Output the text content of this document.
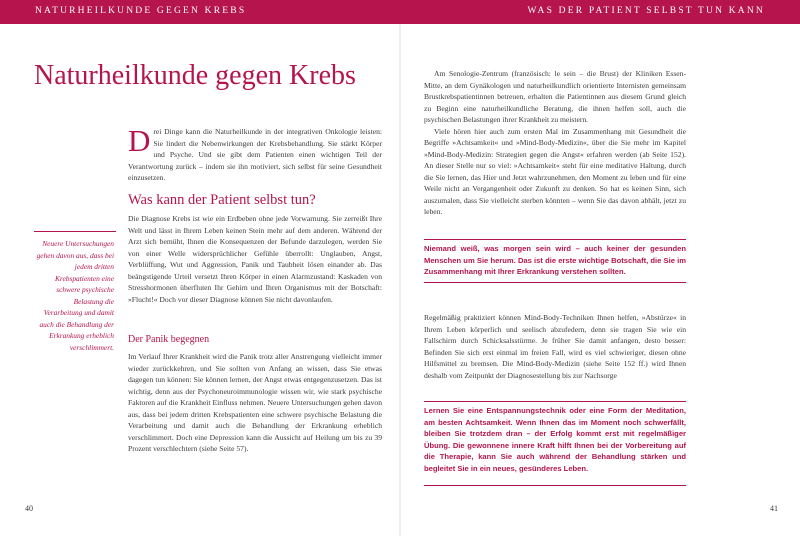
NATURHEILKUNDE GEGEN KREBS	WAS DER PATIENT SELBST TUN KANN
Naturheilkunde gegen Krebs
Drei Dinge kann die Naturheilkunde in der integrativen Onkologie leisten: Sie lindert die Nebenwirkungen der Krebsbehandlung. Sie stärkt Körper und Psyche. Und sie gibt dem Patienten einen wichtigen Teil der Verantwortung zurück – indem sie ihn motiviert, sich selbst für seine Gesundheit einzusetzen.
Was kann der Patient selbst tun?

Die Diagnose Krebs ist wie ein Erdbeben ohne jede Vorwarnung. Sie zerreißt Ihre Welt und lässt in Ihrem Leben keinen Stein mehr auf dem anderen. Während der Arzt sich bemüht, Ihnen die Konsequenzen der Befunde darzulegen, werden Sie von einer Welle widersprüchlicher Gefühle überrollt: Unglauben, Angst, Verblüffung, Wut und Aggression, Panik und Taubheit lösen einander ab. Das beängstigende Urteil versetzt Ihren Körper in einen Alarmzustand: Kaskaden von Stresshormonen überfluten Ihr Gehirn und Ihren Organismus mit der Botschaft: »Flucht!« Doch vor dieser Diagnose können Sie nicht davonlaufen.

Neuere Untersuchungen gehen davon aus, dass bei jedem dritten Krebspatienten eine schwere psychische Belastung die Verarbeitung und damit auch die Behandlung der Erkrankung erheblich verschlimmert.
Der Panik begegnen

Im Verlauf Ihrer Krankheit wird die Panik trotz aller Anstrengung vielleicht immer wieder zurückkehren, und Sie sollten von Anfang an wissen, dass Sie etwas dagegen tun können: Sie können lernen, der Angst etwas entgegenzusetzen. Das ist wichtig, denn aus der Psychoneuroimmunologie wissen wir, wie stark psychische Faktoren auf die Krankheit Einfluss nehmen. Neuere Untersuchungen gehen davon aus, dass bei jedem dritten Krebspatienten eine schwere psychische Belastung die Verarbeitung und damit auch die Behandlung der Erkrankung erheblich verschlimmert. Doch eine Depression kann die Aussicht auf Heilung um bis zu 39 Prozent verschlechtern (siehe Seite 57).

40

Am Senologie-Zentrum (französisch: le sein – die Brust) der Kliniken Essen-Mitte, an dem Gynäkologen und naturheilkundlich orientierte Internisten gemeinsam Brustkrebspatientinnen betreuen, erhalten die Patientinnen aus diesem Grund gleich zu Beginn eine naturheilkundliche Beratung, die ihnen helfen soll, auch die psychischen Belastungen ihrer Krankheit zu meistern.

Viele hören hier auch zum ersten Mal im Zusammenhang mit Gesundheit die Begriffe »Achtsamkeit« und »Mind-Body-Medizin«, über die Sie mehr im Kapitel »Mind-Body-Medizin: Strategien gegen die Angst« erfahren werden (ab Seite 152). An dieser Stelle nur so viel: »Achtsamkeit« steht für eine meditative Haltung, durch die Sie lernen, das Hier und Jetzt wahrzunehmen, den Moment zu leben und für eine Weile nicht an Vergangenheit oder Zukunft zu denken. So hat es keinen Sinn, sich auszumalen, dass Sie vielleicht sterben könnten – wenn Sie das davon abhält, jetzt zu leben.

Niemand weiß, was morgen sein wird – auch keiner der gesunden Menschen um Sie herum. Das ist die erste wichtige Botschaft, die Sie im Zusammenhang mit Ihrer Erkrankung verstehen sollten.

Regelmäßig praktiziert können Mind-Body-Techniken Ihnen helfen, »Abstürze« in Ihrem Leben körperlich und seelisch abzufedern, denn sie tragen Sie wie ein Fallschirm durch Schicksalsstürme. Je früher Sie damit anfangen, desto besser: Befinden Sie sich erst einmal im freien Fall, wird es viel schwieriger, diesen ohne Hilfsmittel zu bremsen. Die Mind-Body-Medizin (siehe Seite 152 ff.) wird Ihnen deshalb vom Zeitpunkt der Diagnosestellung bis zur Nachsorge

Lernen Sie eine Entspannungstechnik oder eine Form der Meditation, am besten Achtsamkeit. Wenn Ihnen das im Moment noch schwerfällt, bleiben Sie trotzdem dran – der Erfolg kommt erst mit regelmäßiger Übung. Die gewonnene innere Kraft hilft Ihnen bei der Vorbereitung auf die Therapie, kann Sie auch während der Behandlung stärken und begleitet Sie in ein neues, gesünderes Leben.
41
